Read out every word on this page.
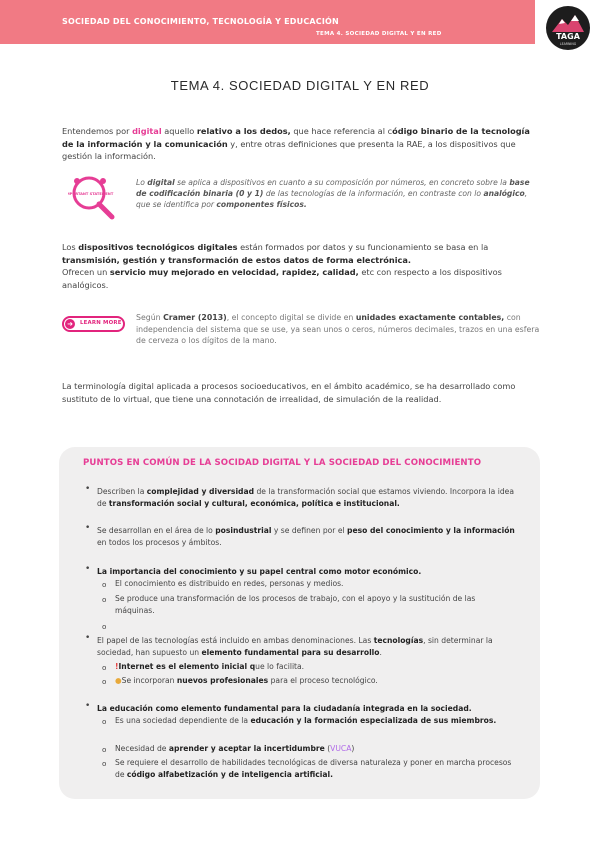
SOCIEDAD DEL CONOCIMIENTO, TECNOLOGÍA Y EDUCACIÓN
TEMA 4. SOCIEDAD DIGITAL Y EN RED	TAGA
LEARNING
TEMA 4. SOCIEDAD DIGITAL Y EN RED
Entendemos por digital aquello relativo a los dedos, que hace referencia al código binario de la tecnología de la información y la comunicación y, entre otras definiciones que presenta la RAE, a los dispositivos que gestión la información.
IMPORTANT STATEMENT
Lo digital se aplica a dispositivos en cuanto a su composición por números, en concreto sobre la base de codificación binaria (0 y 1) de las tecnologías de la información, en contraste con lo analógico, que se identifica por componentes físicos.
Los dispositivos tecnológicos digitales están formados por datos y su funcionamiento se basa en la transmisión, gestión y transformación de estos datos de forma electrónica.
Ofrecen un servicio muy mejorado en velocidad, rapidez, calidad, etc con respecto a los dispositivos analógicos.
➜	LEARN MORE
Según Cramer (2013), el concepto digital se divide en unidades exactamente contables, con independencia del sistema que se use, ya sean unos o ceros, números decimales, trazos en una esfera de cerveza o los dígitos de la mano.
La terminología digital aplicada a procesos socioeducativos, en el ámbito académico, se ha desarrollado como sustituto de lo virtual, que tiene una connotación de irrealidad, de simulación de la realidad.
PUNTOS EN COMÚN DE LA SOCIDAD DIGITAL Y LA SOCIEDAD DEL CONOCIMIENTO
• Describen la complejidad y diversidad de la transformación social que estamos viviendo. Incorpora la idea de transformación social y cultural, económica, política e institucional.
• Se desarrollan en el área de lo posindustrial y se definen por el peso del conocimiento y la información en todos los procesos y ámbitos.
• La importancia del conocimiento y su papel central como motor económico.
o El conocimiento es distribuido en redes, personas y medios.
o Se produce una transformación de los procesos de trabajo, con el apoyo y la sustitución de las máquinas.
o
• El papel de las tecnologías está incluido en ambas denominaciones. Las tecnologías, sin determinar la sociedad, han supuesto un elemento fundamental para su desarrollo.
o !Internet es el elemento inicial que lo facilita.
o ●Se incorporan nuevos profesionales para el proceso tecnológico.
• La educación como elemento fundamental para la ciudadanía integrada en la sociedad.
o Es una sociedad dependiente de la educación y la formación especializada de sus miembros.
o Necesidad de aprender y aceptar la incertidumbre (VUCA)
o Se requiere el desarrollo de habilidades tecnológicas de diversa naturaleza y poner en marcha procesos de código alfabetización y de inteligencia artificial.
